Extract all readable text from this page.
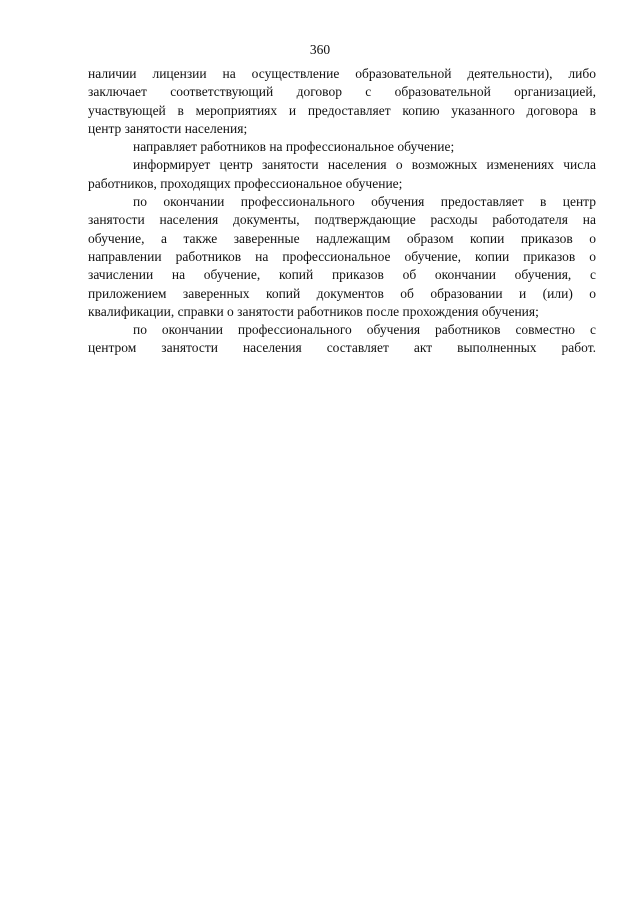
360
наличии лицензии на осуществление образовательной деятельности), либо
заключает соответствующий договор с образовательной организацией,
участвующей в мероприятиях и предоставляет копию указанного договора в
центр занятости населения;
направляет работников на профессиональное обучение;
информирует центр занятости населения о возможных изменениях числа
работников, проходящих профессиональное обучение;
по окончании профессионального обучения предоставляет в центр
занятости населения документы, подтверждающие расходы работодателя на
обучение, а также заверенные надлежащим образом копии приказов о
направлении работников на профессиональное обучение, копии приказов о
зачислении на обучение, копий приказов об окончании обучения, с
приложением заверенных копий документов об образовании и (или) о
квалификации, справки о занятости работников после прохождения обучения;
по окончании профессионального обучения работников совместно с
центром занятости населения составляет акт выполненных работ.
